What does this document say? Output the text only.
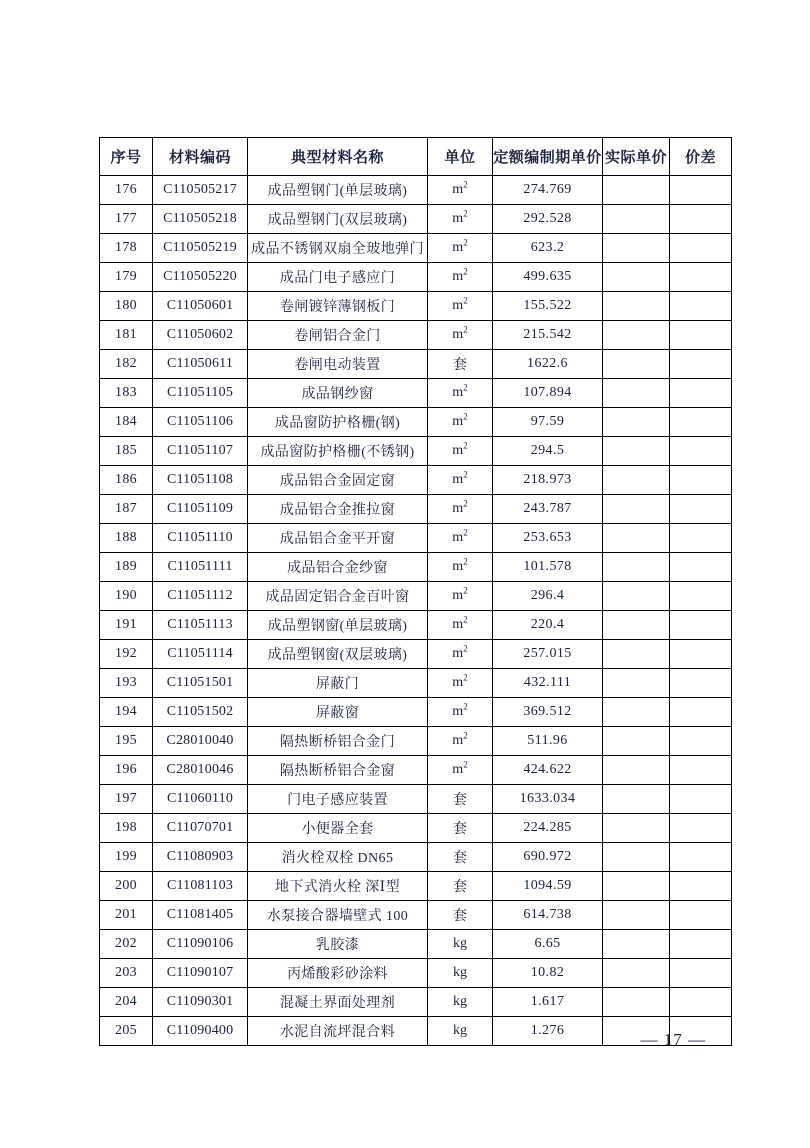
序号	材料编码	典型材料名称	单位	定额编制期单价	实际单价	价差
176	C110505217	成品塑钢门(单层玻璃)	$m^2$	274.769		
177	C110505218	成品塑钢门(双层玻璃)	$m^2$	292.528		
178	C110505219	成品不锈钢双扇全玻地弹门	$m^2$	623.2		
179	C110505220	成品门电子感应门	$m^2$	499.635		
180	C11050601	卷闸镀锌薄钢板门	$m^2$	155.522		
181	C11050602	卷闸铝合金门	$m^2$	215.542		
182	C11050611	卷闸电动装置	套	1622.6		
183	C11051105	成品钢纱窗	$m^2$	107.894		
184	C11051106	成品窗防护格栅(钢)	$m^2$	97.59		
185	C11051107	成品窗防护格栅(不锈钢)	$m^2$	294.5		
186	C11051108	成品铝合金固定窗	$m^2$	218.973		
187	C11051109	成品铝合金推拉窗	$m^2$	243.787		
188	C11051110	成品铝合金平开窗	$m^2$	253.653		
189	C11051111	成品铝合金纱窗	$m^2$	101.578		
190	C11051112	成品固定铝合金百叶窗	$m^2$	296.4		
191	C11051113	成品塑钢窗(单层玻璃)	$m^2$	220.4		
192	C11051114	成品塑钢窗(双层玻璃)	$m^2$	257.015		
193	C11051501	屏蔽门	$m^2$	432.111		
194	C11051502	屏蔽窗	$m^2$	369.512		
195	C28010040	隔热断桥铝合金门	$m^2$	511.96		
196	C28010046	隔热断桥铝合金窗	$m^2$	424.622		
197	C11060110	门电子感应装置	套	1633.034		
198	C11070701	小便器全套	套	224.285		
199	C11080903	消火栓双栓 DN65	套	690.972		
200	C11081103	地下式消火栓 深Ⅰ型	套	1094.59		
201	C11081405	水泵接合器墙壁式 100	套	614.738		
202	C11090106	乳胶漆	kg	6.65		
203	C11090107	丙烯酸彩砂涂料	kg	10.82		
204	C11090301	混凝土界面处理剂	kg	1.617		
205	C11090400	水泥自流坪混合料	kg	1.276			— 17 —
